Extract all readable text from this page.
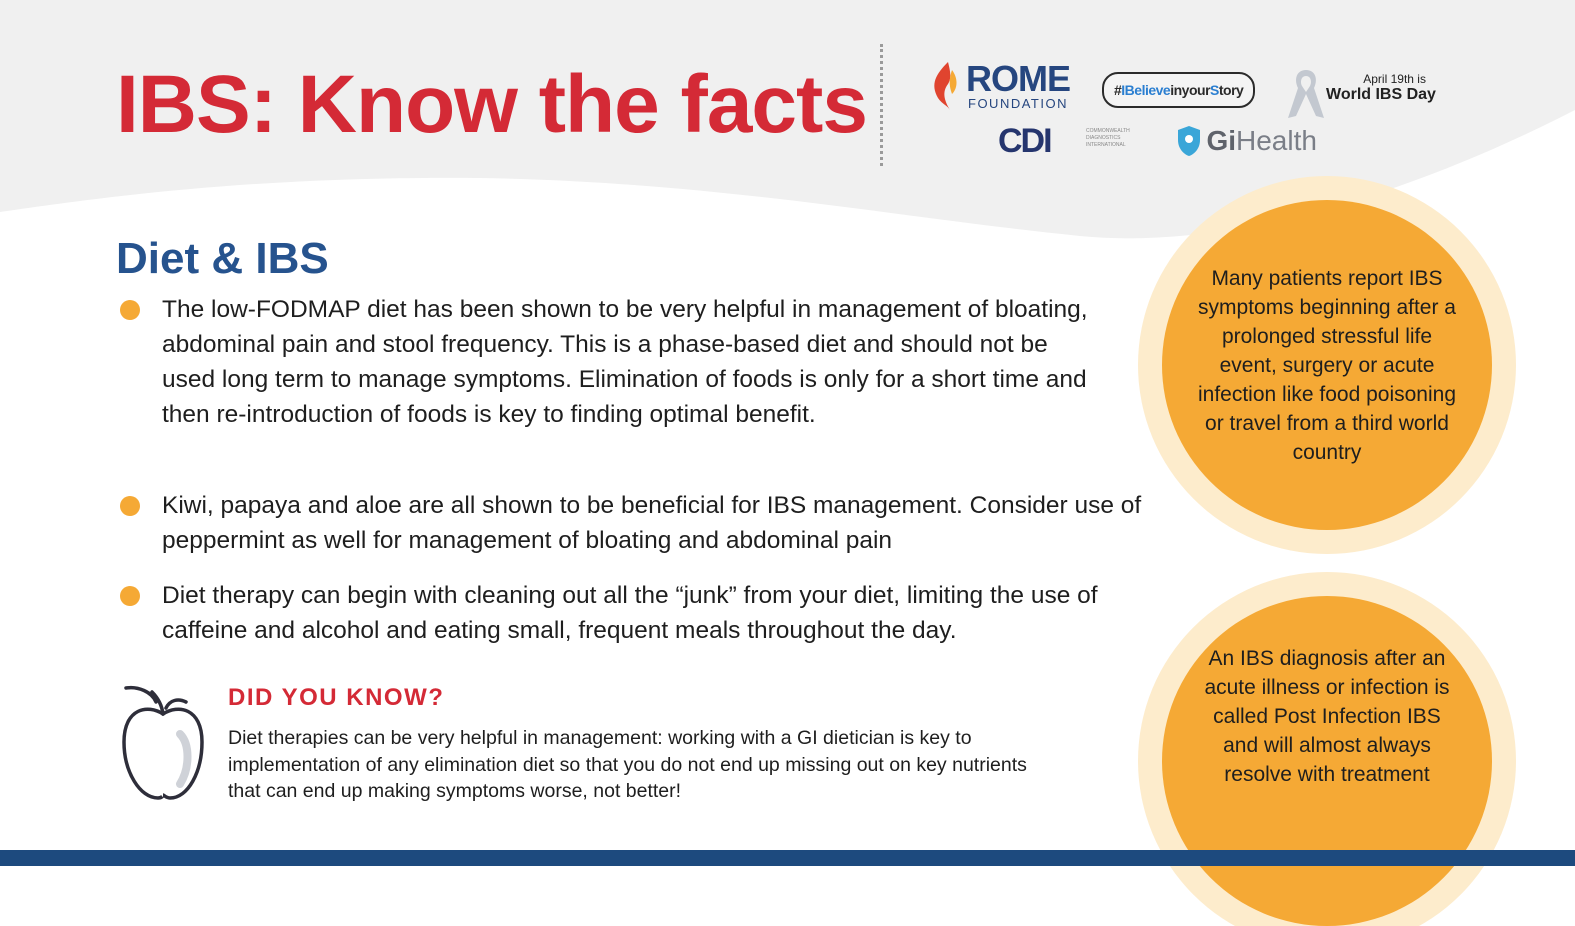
IBS: Know the facts	ROME
FOUNDATION
#IBelieveinyourStory
April 19th is
World IBS Day
CDI	COMMONWEALTH DIAGNOSTICS INTERNATIONAL	GiHealth
Diet & IBS
The low-FODMAP diet has been shown to be very helpful in management of bloating, abdominal pain and stool frequency. This is a phase-based diet and should not be used long term to manage symptoms. Elimination of foods is only for a short time and then re-introduction of foods is key to finding optimal benefit.
Kiwi, papaya and aloe are all shown to be beneficial for IBS management. Consider use of peppermint as well for management of bloating and abdominal pain
Diet therapy can begin with cleaning out all the “junk” from your diet, limiting the use of caffeine and alcohol and eating small, frequent meals throughout the day.
DID YOU KNOW?

Diet therapies can be very helpful in management: working with a GI dietician is key to implementation of any elimination diet so that you do not end up missing out on key nutrients that can end up making symptoms worse, not better!

Many patients report IBS symptoms beginning after a prolonged stressful life event, surgery or acute infection like food poisoning or travel from a third world country

An IBS diagnosis after an acute illness or infection is called Post Infection IBS and will almost always resolve with treatment
